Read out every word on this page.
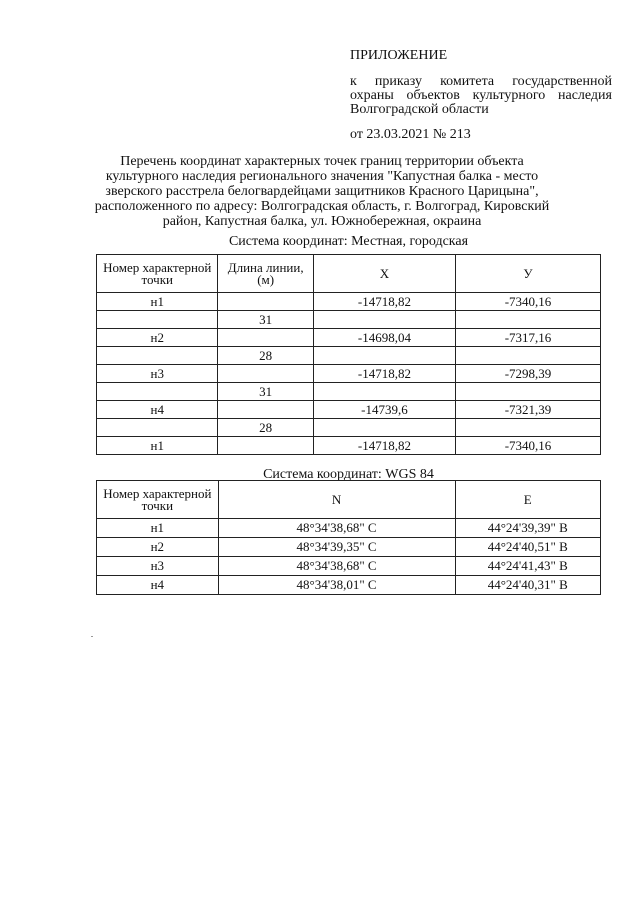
ПРИЛОЖЕНИЕ

к приказу комитета государственной охраны объектов культурного наследия Волгоградской области

от 23.03.2021 № 213

Перечень координат характерных точек границ территории объекта культурного наследия регионального значения "Капустная балка - место зверского расстрела белогвардейцами защитников Красного Царицына", расположенного по адресу: Волгоградская область, г. Волгоград, Кировский район, Капустная балка, ул. Южнобережная, окраина
Система координат: Местная, городская
Номер характерной точки	Длина линии, (м)	X	У
н1		-14718,82	-7340,16
	31		
н2		-14698,04	-7317,16
	28		
н3		-14718,82	-7298,39
	31		
н4		-14739,6	-7321,39
	28		
н1		-14718,82	-7340,16
Система координат: WGS 84
Номер характерной точки	N	E
н1	48°34'38,68" С	44°24'39,39" В
н2	48°34'39,35" С	44°24'40,51" В
н3	48°34'38,68" С	44°24'41,43" В
н4	48°34'38,01" С	44°24'40,31" В
